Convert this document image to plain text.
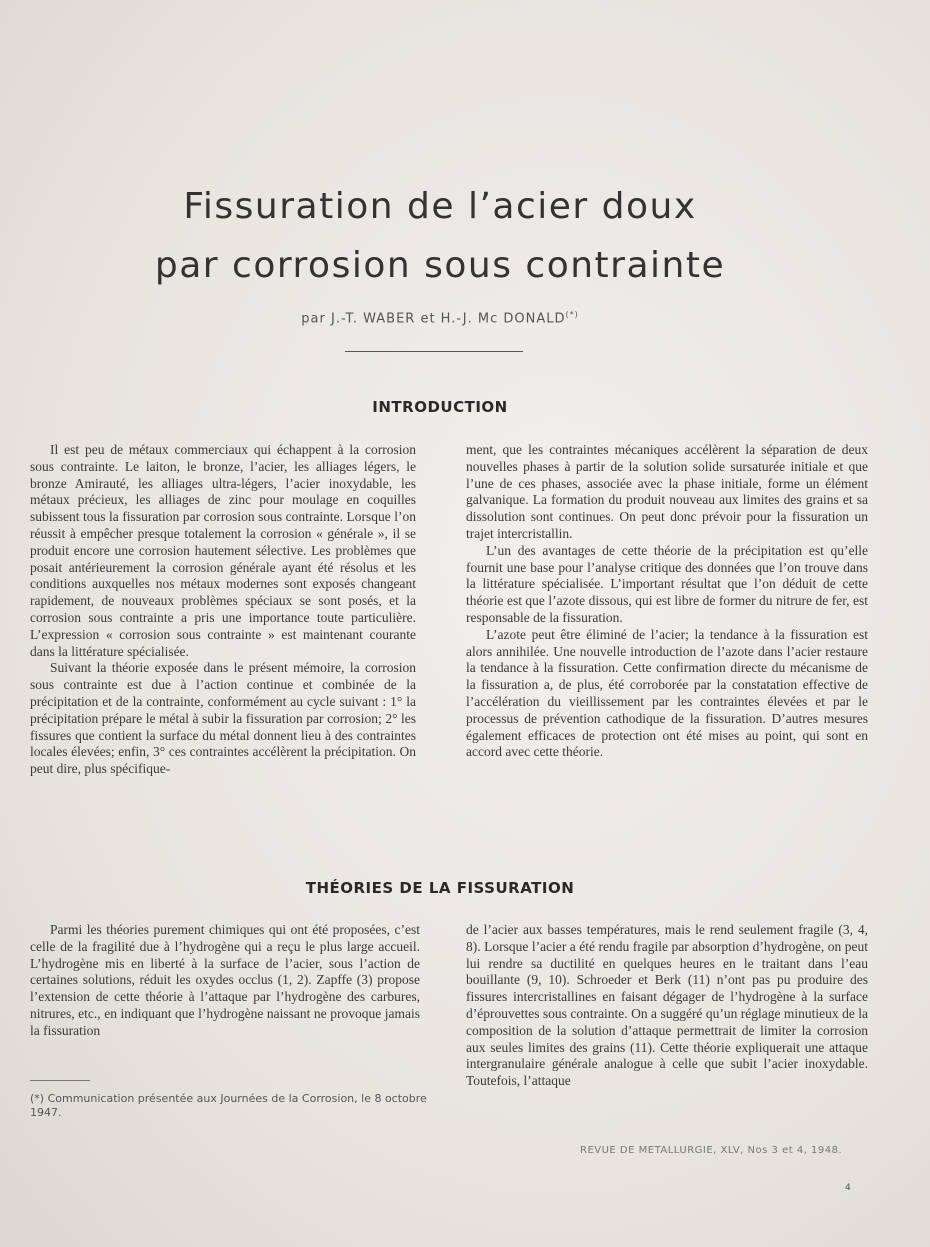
Fissuration de l’acier doux
par corrosion sous contrainte
par J.-T. WABER et H.-J. Mc DONALD(*)
INTRODUCTION

Il est peu de métaux commerciaux qui échappent à la corrosion sous contrainte. Le laiton, le bronze, l’acier, les alliages légers, le bronze Amirauté, les alliages ultra-légers, l’acier inoxydable, les métaux précieux, les alliages de zinc pour moulage en coquilles subissent tous la fissuration par corrosion sous contrainte. Lorsque l’on réussit à empêcher presque totalement la corrosion « générale », il se produit encore une corrosion hautement sélective. Les problèmes que posait antérieurement la corrosion générale ayant été résolus et les conditions auxquelles nos métaux modernes sont exposés changeant rapidement, de nouveaux problèmes spéciaux se sont posés, et la corrosion sous contrainte a pris une importance toute particulière. L’expression « corrosion sous contrainte » est maintenant courante dans la littérature spécialisée.

Suivant la théorie exposée dans le présent mémoire, la corrosion sous contrainte est due à l’action continue et combinée de la précipitation et de la contrainte, conformément au cycle suivant : 1° la précipitation prépare le métal à subir la fissuration par corrosion; 2° les fissures que contient la surface du métal donnent lieu à des contraintes locales élevées; enfin, 3° ces contraintes accélèrent la précipitation. On peut dire, plus spécifique-

ment, que les contraintes mécaniques accélèrent la séparation de deux nouvelles phases à partir de la solution solide sursaturée initiale et que l’une de ces phases, associée avec la phase initiale, forme un élément galvanique. La formation du produit nouveau aux limites des grains et sa dissolution sont continues. On peut donc prévoir pour la fissuration un trajet intercristallin.

L’un des avantages de cette théorie de la précipitation est qu’elle fournit une base pour l’analyse critique des données que l’on trouve dans la littérature spécialisée. L’important résultat que l’on déduit de cette théorie est que l’azote dissous, qui est libre de former du nitrure de fer, est responsable de la fissuration.

L’azote peut être éliminé de l’acier; la tendance à la fissuration est alors annihilée. Une nouvelle introduction de l’azote dans l’acier restaure la tendance à la fissuration. Cette confirmation directe du mécanisme de la fissuration a, de plus, été corroborée par la constatation effective de l’accélération du vieillissement par les contraintes élevées et par le processus de prévention cathodique de la fissuration. D’autres mesures également efficaces de protection ont été mises au point, qui sont en accord avec cette théorie.

THÉORIES DE LA FISSURATION

Parmi les théories purement chimiques qui ont été proposées, c’est celle de la fragilité due à l’hydrogène qui a reçu le plus large accueil. L’hydrogène mis en liberté à la surface de l’acier, sous l’action de certaines solutions, réduit les oxydes occlus (1, 2). Zapffe (3) propose l’extension de cette théorie à l’attaque par l’hydrogène des carbures, nitrures, etc., en indiquant que l’hydrogène naissant ne provoque jamais la fissuration

de l’acier aux basses températures, mais le rend seulement fragile (3, 4, 8). Lorsque l’acier a été rendu fragile par absorption d’hydrogène, on peut lui rendre sa ductilité en quelques heures en le traitant dans l’eau bouillante (9, 10). Schroeder et Berk (11) n’ont pas pu produire des fissures intercristallines en faisant dégager de l’hydrogène à la surface d’éprouvettes sous contrainte. On a suggéré qu’un réglage minutieux de la composition de la solution d’attaque permettrait de limiter la corrosion aux seules limites des grains (11). Cette théorie expliquerait une attaque intergranulaire générale analogue à celle que subit l’acier inoxydable. Toutefois, l’attaque

(*) Communication présentée aux Journées de la Corrosion, le 8 octobre 1947.
REVUE DE METALLURGIE, XLV, Nos 3 et 4, 1948.
4
